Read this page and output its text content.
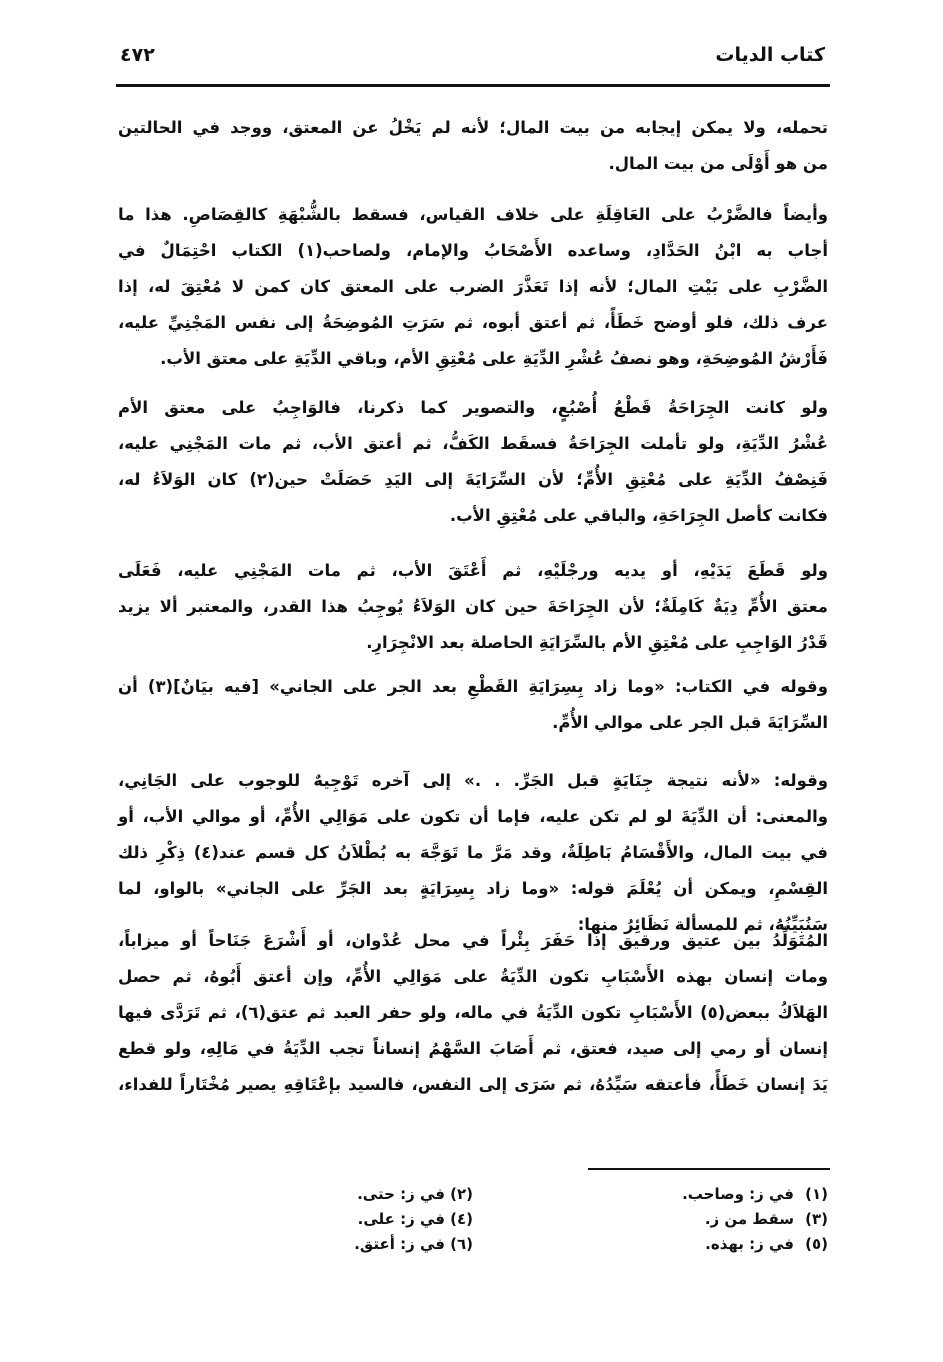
كتاب الديات
٤٧٢
تحمله، ولا يمكن إيجابه من بيت المال؛ لأنه لم يَخْلُ عن المعتق، ووجد في الحالتين
من هو أَوْلَى من بيت المال.
وأيضاً فالضَّرْبُ على العَاقِلَةِ على خلاف القياس، فسقط بالشُّبْهَةِ كالقِصَاصِ. هذا ما
أجاب به ابْنُ الحَدَّادِ، وساعده الأَصْحَابُ والإمام، ولصاحب(١) الكتاب احْتِمَالٌ في
الضَّرْبِ على بَيْتِ المال؛ لأنه إذا تَعَذَّرَ الضرب على المعتق كان كمن لا مُعْتِقَ له، إذا
عرف ذلك، فلو أوضح خَطَأً، ثم أعتق أبوه، ثم سَرَتِ المُوضِحَةُ إلى نفس المَجْنِيِّ عليه،
فَأَرْشُ المُوضِحَةِ، وهو نصفُ عُشْرِ الدِّيَةِ على مُعْتِقِ الأم، وباقي الدِّيَةِ على معتق الأب.
ولو كانت الجِرَاحَةُ قَطْعُ أُصْبُعٍ، والتصوير كما ذكرنا، فالوَاجِبُ على معتق الأم
عُشْرُ الدِّيَةِ، ولو تأملت الجِرَاحَةُ فسقَط الكَفُّ، ثم أعتق الأب، ثم مات المَجْنِي عليه،
فَنِصْفُ الدِّيَةِ على مُعْتِقِ الأُمِّ؛ لأن السِّرَايَةَ إلى اليَدِ حَصَلَتْ حين(٢) كان الوَلاَءُ له،
فكانت كأصل الجِرَاحَةِ، والباقي على مُعْتِقِ الأب.
ولو قَطَعَ يَدَيْهِ، أو يديه ورجْلَيْهِ، ثم أَعْتَقَ الأب، ثم مات المَجْنِي عليه، فَعَلَى
معتق الأُمِّ دِيَةٌ كَامِلَةٌ؛ لأن الجِرَاحَةَ حين كان الوَلاَءُ يُوجِبُ هذا القدر، والمعتبر ألا يزيد
قَدْرُ الوَاجِبِ على مُعْتِقِ الأم بالسِّرَايَةِ الحاصلة بعد الانْجِرَارِ.
وقوله في الكتاب: «وما زاد بِسِرَايَةِ القَطْعِ بعد الجر على الجاني» [فيه بيَانٌ](٣) أن
السِّرَايَةَ قبل الجر على موالي الأُمِّ.
وقوله: «لأنه نتيجة جِنَايَةٍ قبل الجَرِّ. . .» إلى آخره تَوْجِيهٌ للوجوب على الجَانِي،
والمعنى: أن الدِّيَةَ لو لم تكن عليه، فإما أن تكون على مَوَالِي الأُمِّ، أو موالي الأب، أو
في بيت المال، والأَقْسَامُ بَاطِلَةٌ، وقد مَرَّ ما تَوَجَّهَ به بُطْلاَنُ كل قسم عند(٤) ذِكْرِ ذلك
القِسْمِ، ويمكن أن يُعْلَمَ قوله: «وما زاد بِسِرَايَةٍ بعد الجَرِّ على الجاني» بالواو، لما
سَنُبَيِّنُهُ، ثم للمسألة نَظَائِرُ منها:
المُتَوَلِّدُ بين عتيق ورقيق إذا حَفَرَ بِئْراً في محل عُدْوان، أو أَشْرَعَ جَنَاحاً أو ميزاباً،
ومات إنسان بهذه الأَسْبَابِ تكون الدِّيَةُ على مَوَالِي الأُمِّ، وإن أعتق أَبُوهُ، ثم حصل
الهَلاَكُ ببعض(٥) الأَسْبَابِ تكون الدِّيَةُ في ماله، ولو حفر العبد ثم عتق(٦)، ثم تَرَدَّى فيها
إنسان أو رمي إلى صيد، فعتق، ثم أَصَابَ السَّهْمُ إنساناً تجب الدِّيَةُ في مَالِهِ، ولو قطع
يَدَ إنسان خَطَأً، فأعتقه سَيِّدُهُ، ثم سَرَى إلى النفس، فالسيد بإعْتَاقِهِ يصير مُخْتَاراً للفداء،
(١)في ز: وصاحب.
(٢)في ز: حتى.
(٣)سقط من ز.
(٤)في ز: على.
(٥)في ز: بهذه.
(٦)في ز: أعتق.
